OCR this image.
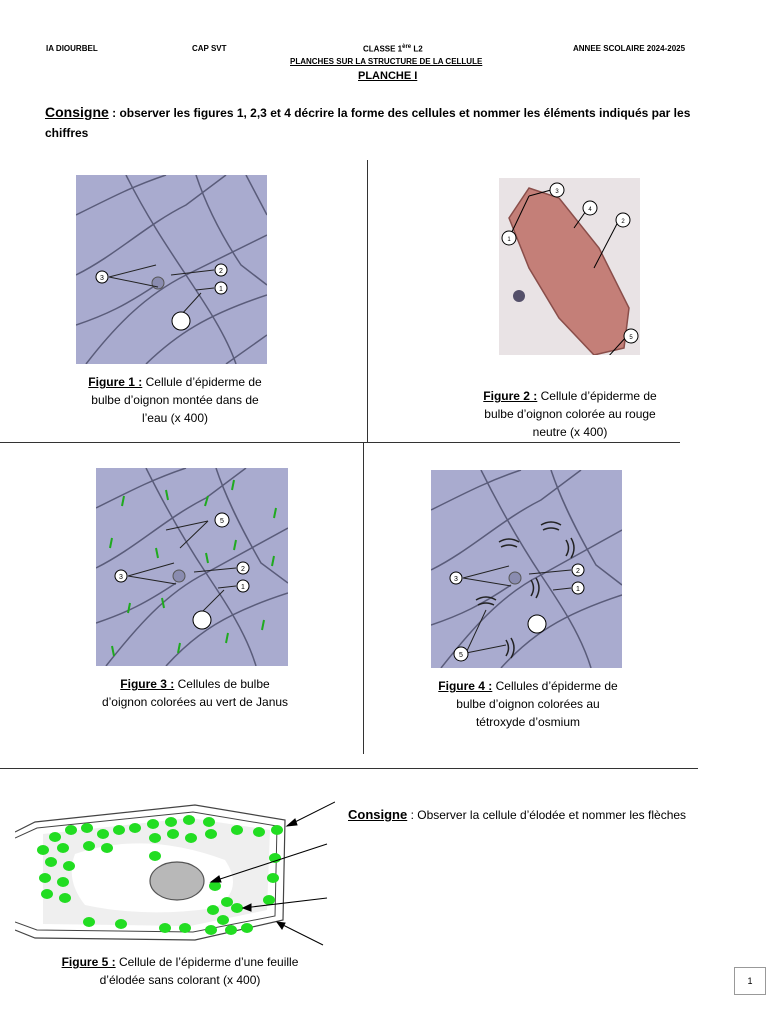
IA DIOURBEL	CAP SVT	CLASSE 1ère L2	ANNEE SCOLAIRE 2024-2025
PLANCHES SUR LA STRUCTURE DE LA CELLULE
PLANCHE I
Consigne : observer les figures 1, 2,3 et 4 décrire la forme des cellules et nommer les éléments indiqués par les chiffres
3
2
1
Figure 1 : Cellule d’épiderme de bulbe d’oignon montée dans de l’eau (x 400)
1
3
4
2
5
Figure 2 : Cellule d’épiderme de bulbe d’oignon colorée au rouge neutre (x 400)
3
5
2
1
Figure 3 : Cellules de bulbe d’oignon colorées au vert de Janus
3
2
1
5
Figure 4 : Cellules d’épiderme de bulbe d’oignon colorées au tétroxyde d’osmium
Figure 5 : Cellule de l’épiderme d’une feuille d’élodée sans colorant (x 400)
Consigne : Observer la cellule d’élodée et nommer les flèches
1
